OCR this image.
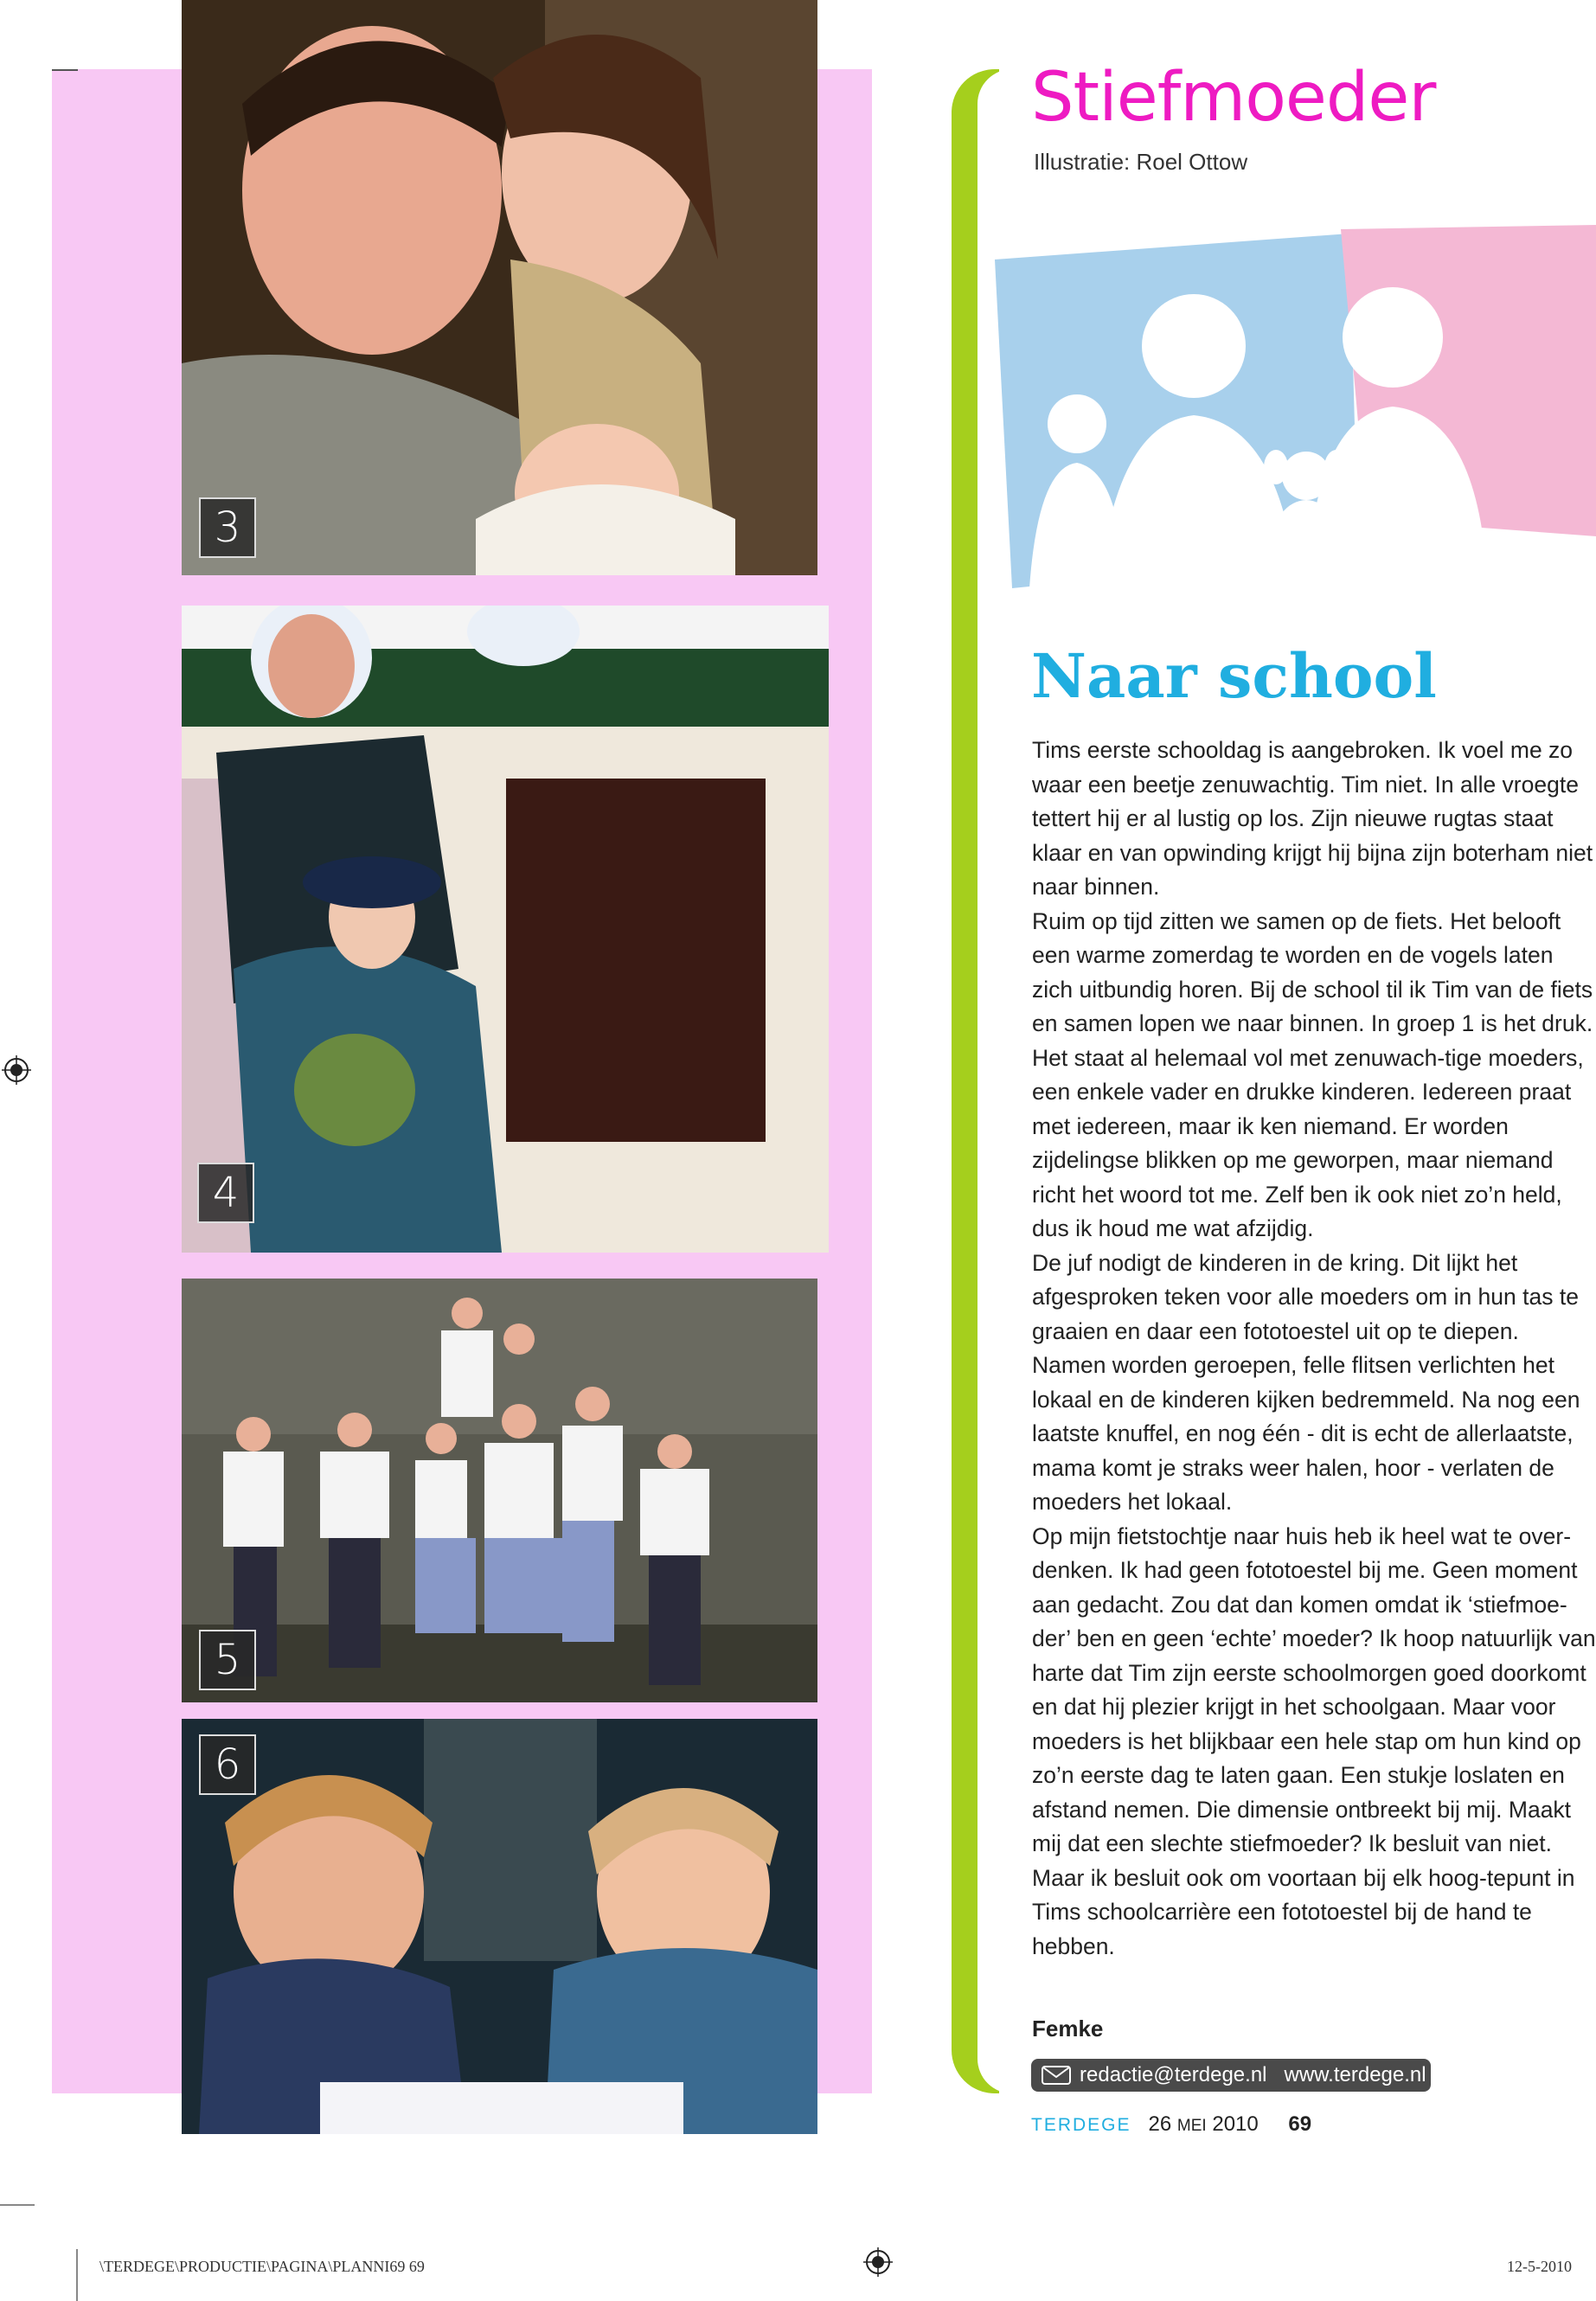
3
4
5
6
Stiefmoeder
Illustratie: Roel Ottow
Naar school

Tims eerste schooldag is aangebroken. Ik voel me zo waar een beetje zenuwachtig. Tim niet. In alle vroegte tettert hij er al lustig op los. Zijn nieuwe rugtas staat klaar en van opwinding krijgt hij bijna zijn boterham niet naar binnen.

Ruim op tijd zitten we samen op de fiets. Het belooft een warme zomerdag te worden en de vogels laten zich uitbundig horen. Bij de school til ik Tim van de fiets en samen lopen we naar binnen. In groep 1 is het druk. Het staat al helemaal vol met zenuwach-tige moeders, een enkele vader en drukke kinderen. Iedereen praat met iedereen, maar ik ken niemand. Er worden zijdelingse blikken op me geworpen, maar niemand richt het woord tot me. Zelf ben ik ook niet zo’n held, dus ik houd me wat afzijdig.

De juf nodigt de kinderen in de kring. Dit lijkt het afgesproken teken voor alle moeders om in hun tas te graaien en daar een fototoestel uit op te diepen. Namen worden geroepen, felle flitsen verlichten het lokaal en de kinderen kijken bedremmeld. Na nog een laatste knuffel, en nog één - dit is echt de allerlaatste, mama komt je straks weer halen, hoor - verlaten de moeders het lokaal.

Op mijn fietstochtje naar huis heb ik heel wat te over-denken. Ik had geen fototoestel bij me. Geen moment aan gedacht. Zou dat dan komen omdat ik ‘stiefmoe-der’ ben en geen ‘echte’ moeder? Ik hoop natuurlijk van harte dat Tim zijn eerste schoolmorgen goed doorkomt en dat hij plezier krijgt in het schoolgaan. Maar voor moeders is het blijkbaar een hele stap om hun kind op zo’n eerste dag te laten gaan. Een stukje loslaten en afstand nemen. Die dimensie ontbreekt bij mij. Maakt mij dat een slechte stiefmoeder? Ik besluit van niet. Maar ik besluit ook om voortaan bij elk hoog-tepunt in Tims schoolcarrière een fototoestel bij de hand te hebben.

Femke
redactie@terdege.nl www.terdege.nl
TERDEGE 26 MEI 2010 69
\TERDEGE\PRODUCTIE\PAGINA\PLANNI69 69	12-5-2010
